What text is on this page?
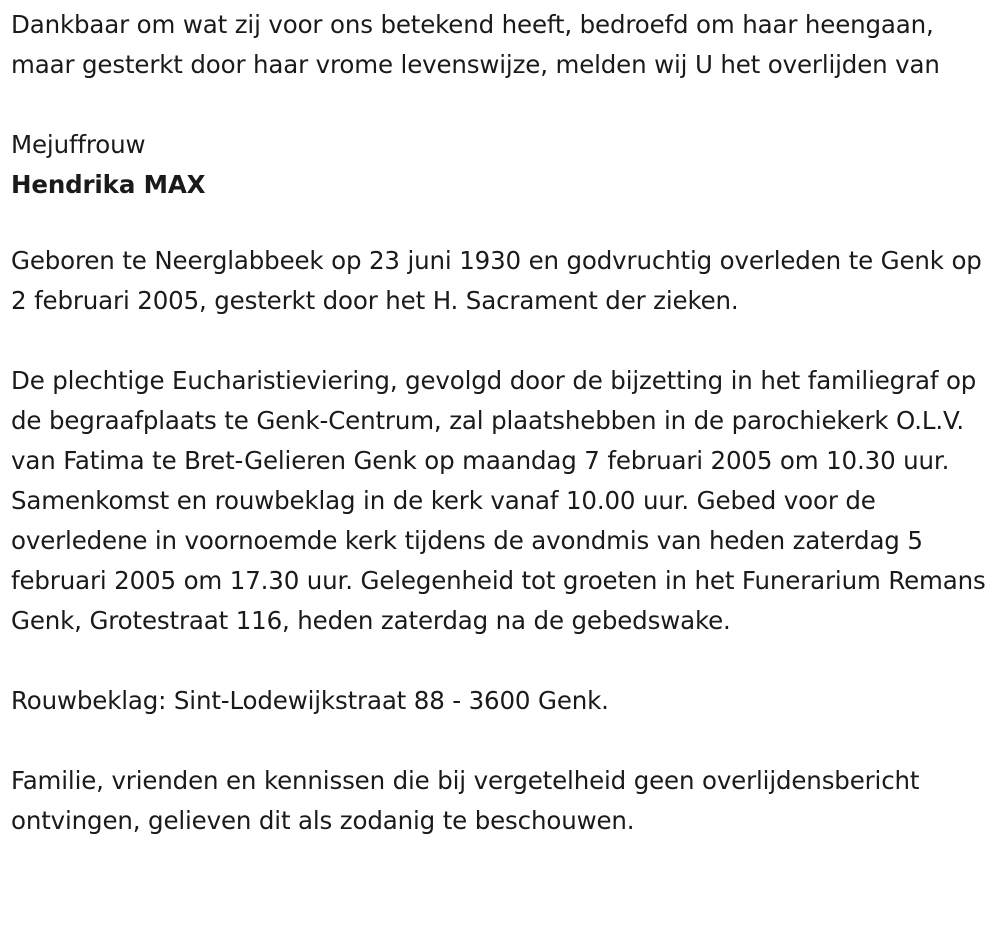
Dankbaar om wat zij voor ons betekend heeft, bedroefd om haar heengaan, maar gesterkt door haar vrome levenswijze, melden wij U het overlijden van

Mejuffrouw

Hendrika MAX

Geboren te Neerglabbeek op 23 juni 1930 en godvruchtig overleden te Genk op 2 februari 2005, gesterkt door het H. Sacrament der zieken.

De plechtige Eucharistieviering, gevolgd door de bijzetting in het familiegraf op de begraafplaats te Genk-Centrum, zal plaatshebben in de parochiekerk O.L.V. van Fatima te Bret-Gelieren Genk op maandag 7 februari 2005 om 10.30 uur. Samenkomst en rouwbeklag in de kerk vanaf 10.00 uur. Gebed voor de overledene in voornoemde kerk tijdens de avondmis van heden zaterdag 5 februari 2005 om 17.30 uur. Gelegenheid tot groeten in het Funerarium Remans Genk, Grotestraat 116, heden zaterdag na de gebedswake.

Rouwbeklag: Sint-Lodewijkstraat 88 - 3600 Genk.

Familie, vrienden en kennissen die bij vergetelheid geen overlijdensbericht ontvingen, gelieven dit als zodanig te beschouwen.
